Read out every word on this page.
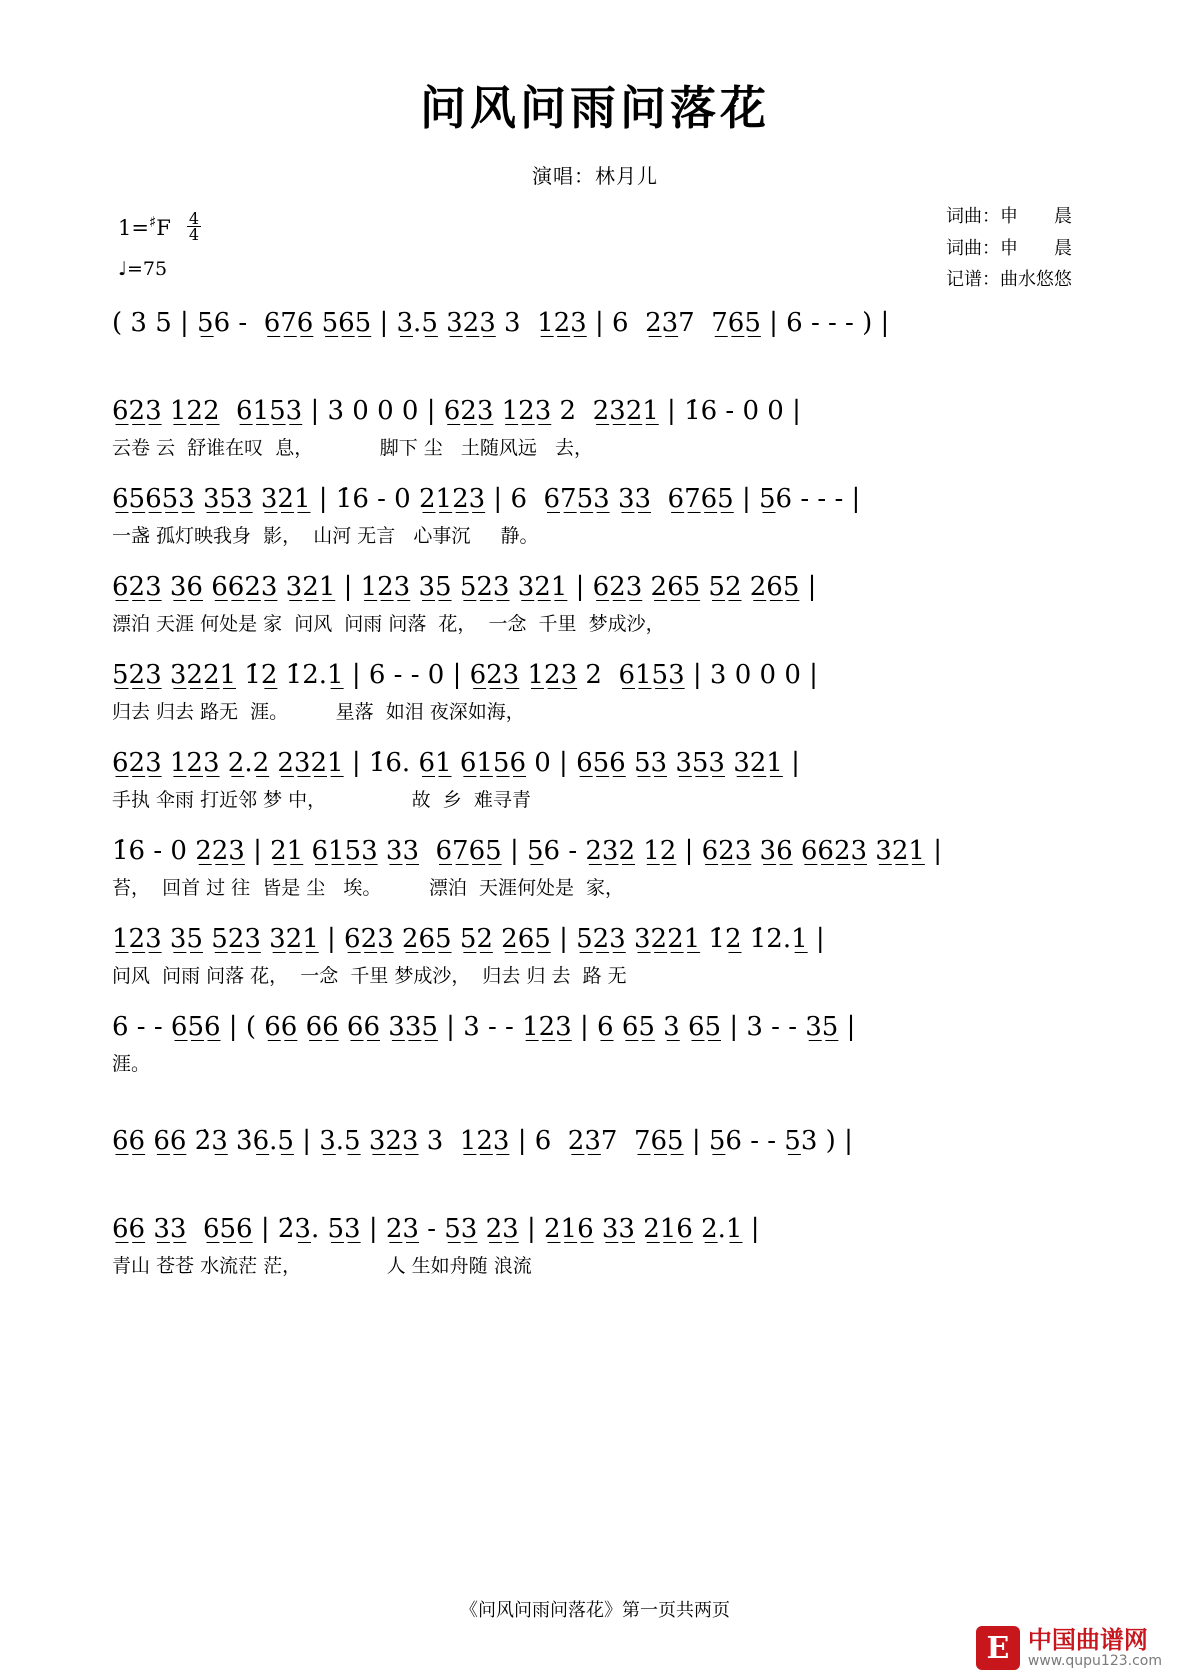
问风问雨问落花
演唱：林月儿
$1=^♯F \frac{4}{4}$
♩=75
词曲：申　　晨
词曲：申　　晨
记谱：曲水悠悠
( 3 5 | 5̲6 -  6̲7̲6̲ 5̲6̲5̲ | 3̲.5̲ 3̲2̲3̲ 3  1̲2̲3̲ | 6  2̲3̲7  7̲6̲5̲ | 6 - - - ) |
6̲2̲3̲ 1̲2̲2̲  6̲1̲5̲3̲ | 3 0 0 0 | 6̲2̲3̲ 1̲2̲3̲ 2  2̲3̲2̲1̲ | 1̇6 - 0 0 |
云卷 云  舒谁在叹  息，　　　　脚下 尘   土随风远   去，
6̲5̲6̲5̲3̲ 3̲5̲3̲ 3̲2̲1̲ | 1̇6 - 0 2̲1̲2̲3̲ | 6  6̲7̲5̲3̲ 3̲3̲  6̲7̲6̲5̲ | 5̲6 - - - |
一盏 孤灯映我身  影，  山河 无言   心事沉     静。
6̲2̲3̲ 3̲6̲ 6̲6̲2̲3̲ 3̲2̲1̲ | 1̲2̲3̲ 3̲5̲ 5̲2̲3̲ 3̲2̲1̲ | 6̲2̲3̲ 2̲6̲5̲ 5̲2̲ 2̲6̲5̲ |
漂泊 天涯 何处是 家  问风  问雨 问落  花，  一念  千里  梦成沙，
5̲2̲3̲ 3̲2̲2̲1̲ 1̇2̲ 1̇2.1̲ | 6 - - 0 | 6̲2̲3̲ 1̲2̲3̲ 2  6̲1̲5̲3̲ | 3 0 0 0 |
归去 归去 路无  涯。　　　星落  如泪 夜深如海，
6̲2̲3̲ 1̲2̲3̲ 2̲.2̲ 2̲3̲2̲1̲ | 1̇6. 6̲1̲ 6̲1̲5̲6̲ 0 | 6̲5̲6̲ 5̲3̲ 3̲5̲3̲ 3̲2̲1̲ |
手执 伞雨 打近邻 梦 中，　　　　　故  乡  难寻青
1̇6 - 0 2̲2̲3̲ | 2̲1̲ 6̲1̲5̲3̲ 3̲3̲  6̲7̲6̲5̲ | 5̲6 - 2̲3̲2̲ 1̲2̲ | 6̲2̲3̲ 3̲6̲ 6̲6̲2̲3̲ 3̲2̲1̲ |
苔，  回首 过 往  皆是 尘   埃。　　　漂泊  天涯何处是  家，
1̲2̲3̲ 3̲5̲ 5̲2̲3̲ 3̲2̲1̲ | 6̲2̲3̲ 2̲6̲5̲ 5̲2̲ 2̲6̲5̲ | 5̲2̲3̲ 3̲2̲2̲1̲ 1̇2̲ 1̇2.1̲ |
问风  问雨 问落 花，  一念  千里 梦成沙，  归去 归 去  路 无
6 - - 6̲5̲6̲ | ( 6̲6̲ 6̲6̲ 6̲6̲ 3̲3̲5̲ | 3 - - 1̲2̲3̲ | 6̲ 6̲5̲ 3̲ 6̲5̲ | 3 - - 3̲5̲ |
涯。
6̲6̲ 6̲6̲ 2̇3̲ 3̇6̲.5̲ | 3̲.5̲ 3̲2̲3̲ 3  1̲2̲3̲ | 6  2̲3̲7  7̲6̲5̲ | 5̲6 - - 5̲3 ) |
6̲6̲ 3̲3̲  6̲5̲6̲ | 2̇3̲. 5̲3̲ | 2̲3̲ - 5̲3̲ 2̲3̲ | 2̲1̲6̲ 3̲3̲ 2̲1̲6̲ 2̲.1̲ |
青山 苍苍 水流茫 茫，　　　　　人 生如舟随 浪流
《问风问雨问落花》第一页共两页
E 中国曲谱网
www.qupu123.com
